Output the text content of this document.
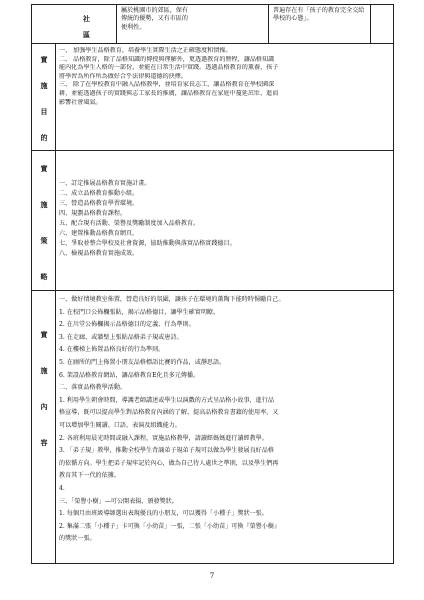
社
區
屬於桃園市的郊區，保有
傳統的優勢，又有市區的
便利性。
普遍存在有「孩子的教育完全交給
學校的心態」。
實
施
目
的
一、 加強學生品格教育，培養學生實際生活之正確態度和情操。
二、 品格教育，除了品格知識的傳授與理解外，更透過教育的歷程，讓品格知識
能內化為學生人格的一部份，並能在日常生活中實踐。透過品格教育的薰養，孩子
將學習為所作所為做好合乎法律與道德的抉擇。
三、 除了在學校教育中融入品格教學，並培育家長志工，讓品格教育在學校園深
耕，並能透過孩子的實踐與志工家長的推廣，讓品格教育在家庭中蔓延茁壯，進而
影響社會風氣。
實
施
策
略
一、訂定推展品格教育實施計畫。
二、成立品格教育推動小組。
三、營造品格教育學習環境。
四、規劃品格教育課程。
五、配合現有活動、榮譽及獎勵制度加入品格教育。
六、建置推動品格教育網頁。
七、爭取並整合學校及社會資源，協助推動與落實品格實踐德目。
八、檢視品格教育實施成效。
實
施
內
容
一、做好情境教室佈置，營造良好的氛圍，讓孩子在環境的薰陶下能時時惕勵自己。
1. 在校門口公佈欄張貼，揭示品格德目，讓學生確實明瞭。
2. 在川堂公佈欄揭示品格德目的定義、行為準則。
3. 在走廊、或牆壁上張貼品格弟子規或唐詩。
4. 在樓梯上佈置品格良好的行為準則。
5. 在廁所的門上佈置小朋友品格標語比賽的作品，或靜思語。
6. 架設品格教育網站，讓品格教育E化且多元傳播。
二、落實品格教學活動。
1. 利用學生朝會時間，導護老師講述或學生以演戲的方式呈品格小故事，進行品
格宣導，既可以提高學生對品格教育內涵的了解、提高品格教育書籍的使用率，又
可以增加學生閱讀、口語、表演及組織能力。
2. 各班利用晨光時間或融入課程，實施品格教學，請讀經媽媽進行讀經教學。
3. 「弟子規」教學，推動全校學生背誦弟子規弟子規可以做為學生發展良好品格
的依循方向。學生把弟子規牢記於內心，做為自己待人處世之準則，以及學生們再
教育其下一代的依據。
4.
三、「榮譽小樹」—可公開表揚、頒發獎狀。
1. 每個月由班級導師選出表現優良的小朋友，可以獲得「小種子」獎狀一張。
2. 集滿二張「小種子」卡可換「小幼苗」一張，二張「小幼苗」可換『榮譽小樹』
的獎狀一張。
7
